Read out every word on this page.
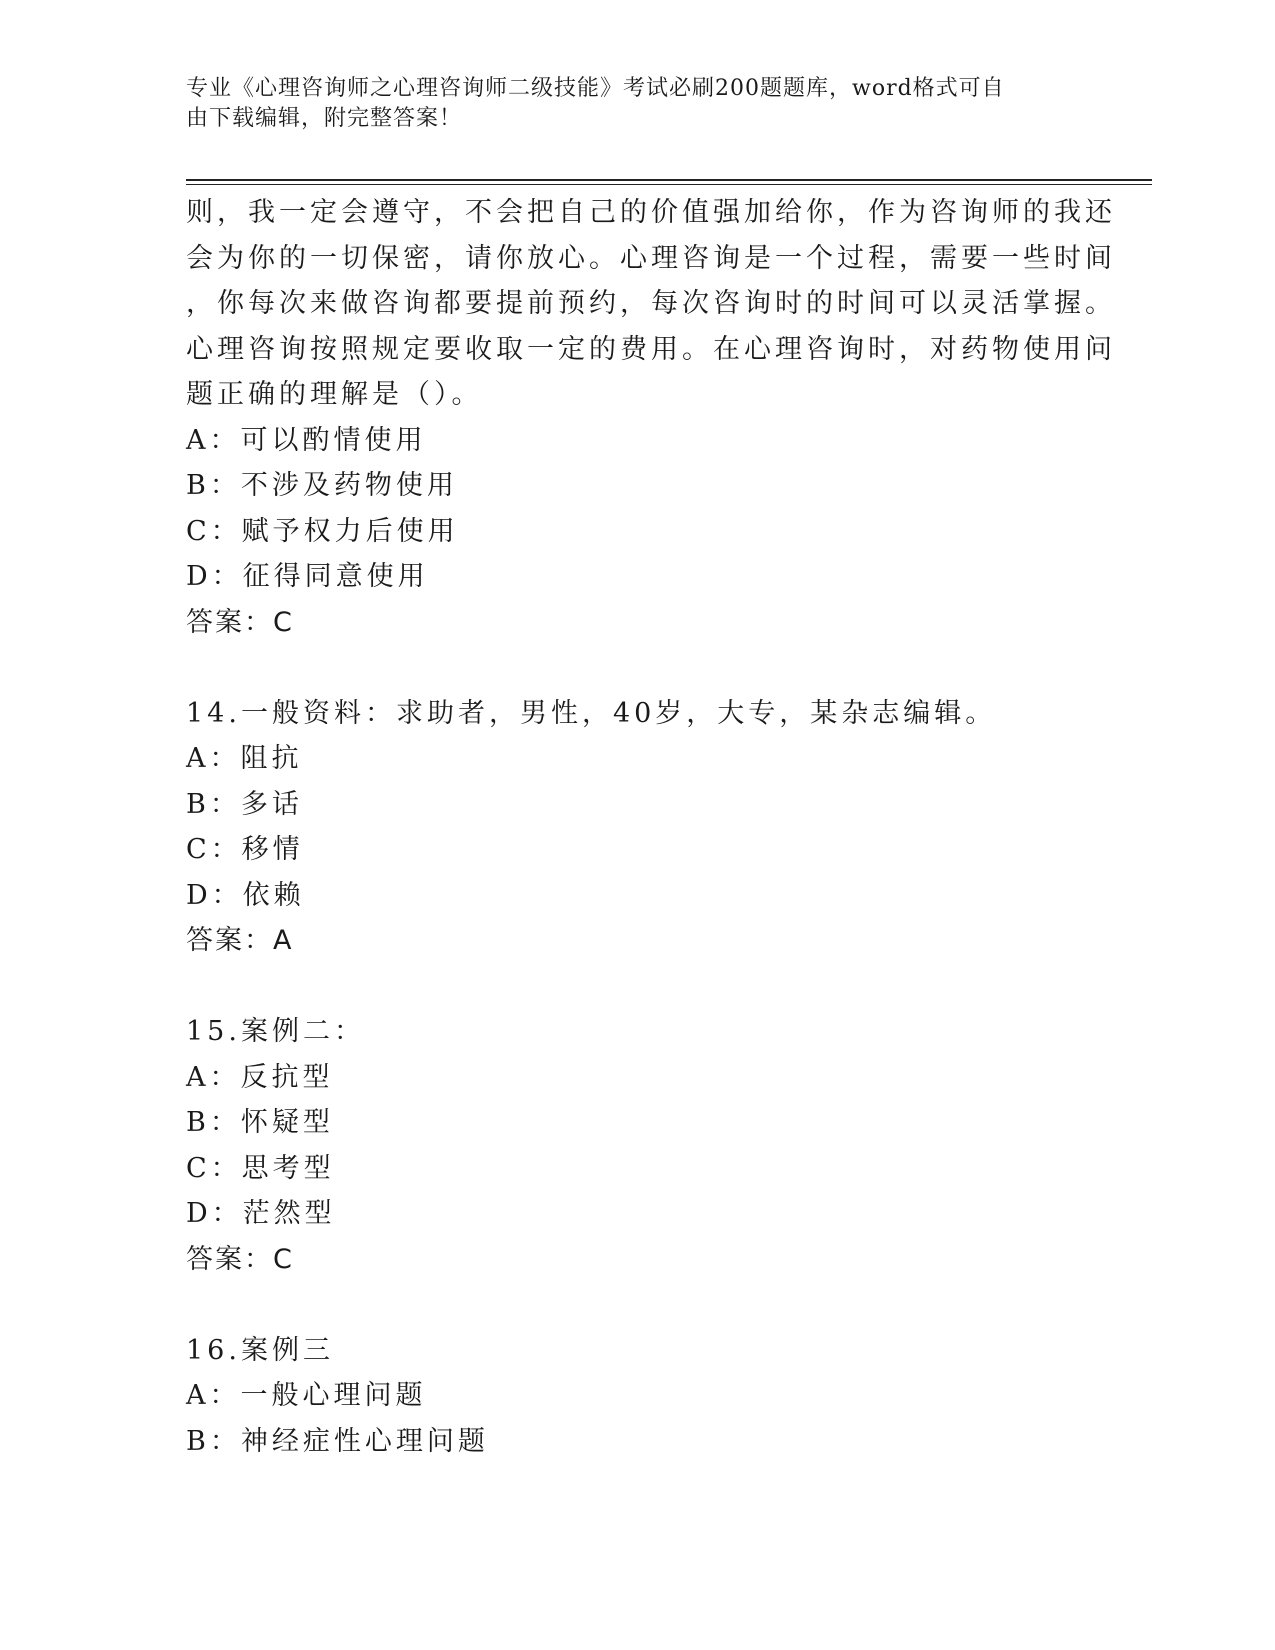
专业《心理咨询师之心理咨询师二级技能》考试必刷200题题库，word格式可自
由下载编辑，附完整答案！

则，我一定会遵守，不会把自己的价值强加给你，作为咨询师的我还

会为你的一切保密，请你放心。心理咨询是一个过程，需要一些时间

，你每次来做咨询都要提前预约，每次咨询时的时间可以灵活掌握。

心理咨询按照规定要收取一定的费用。在心理咨询时，对药物使用问

题正确的理解是（）。

A：可以酌情使用

B：不涉及药物使用

C：赋予权力后使用

D：征得同意使用

答案：C

14.一般资料：求助者，男性，40岁，大专，某杂志编辑。

A：阻抗

B：多话

C：移情

D：依赖

答案：A

15.案例二：

A：反抗型

B：怀疑型

C：思考型

D：茫然型

答案：C

16.案例三

A：一般心理问题

B：神经症性心理问题
